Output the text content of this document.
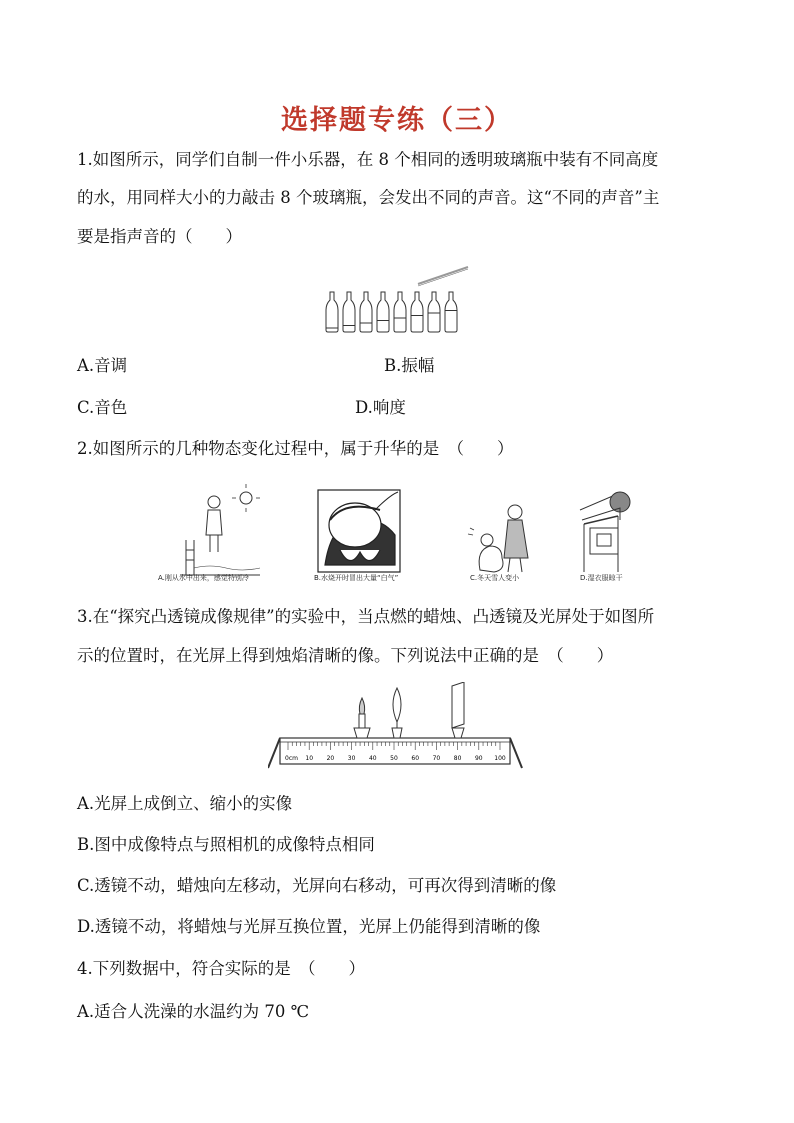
选择题专练（三）
1.如图所示，同学们自制一件小乐器，在 8 个相同的透明玻璃瓶中装有不同高度
的水，用同样大小的力敲击 8 个玻璃瓶，会发出不同的声音。这“不同的声音”主
要是指声音的（　　）
A.音调	B.振幅
C.音色	D.响度
2.如图所示的几种物态变化过程中，属于升华的是　（　　）
A.刚从水中出来，感觉特别冷	B.水烧开时冒出大量“白气”	C.冬天雪人变小	D.湿衣服晾干
3.在“探究凸透镜成像规律”的实验中，当点燃的蜡烛、凸透镜及光屏处于如图所
示的位置时，在光屏上得到烛焰清晰的像。下列说法中正确的是　（　　）
0cm 10 20 30 40 50 60 70 80 90 100
A.光屏上成倒立、缩小的实像
B.图中成像特点与照相机的成像特点相同
C.透镜不动，蜡烛向左移动，光屏向右移动，可再次得到清晰的像
D.透镜不动，将蜡烛与光屏互换位置，光屏上仍能得到清晰的像
4.下列数据中，符合实际的是　（　　）
A.适合人洗澡的水温约为 70 ℃
